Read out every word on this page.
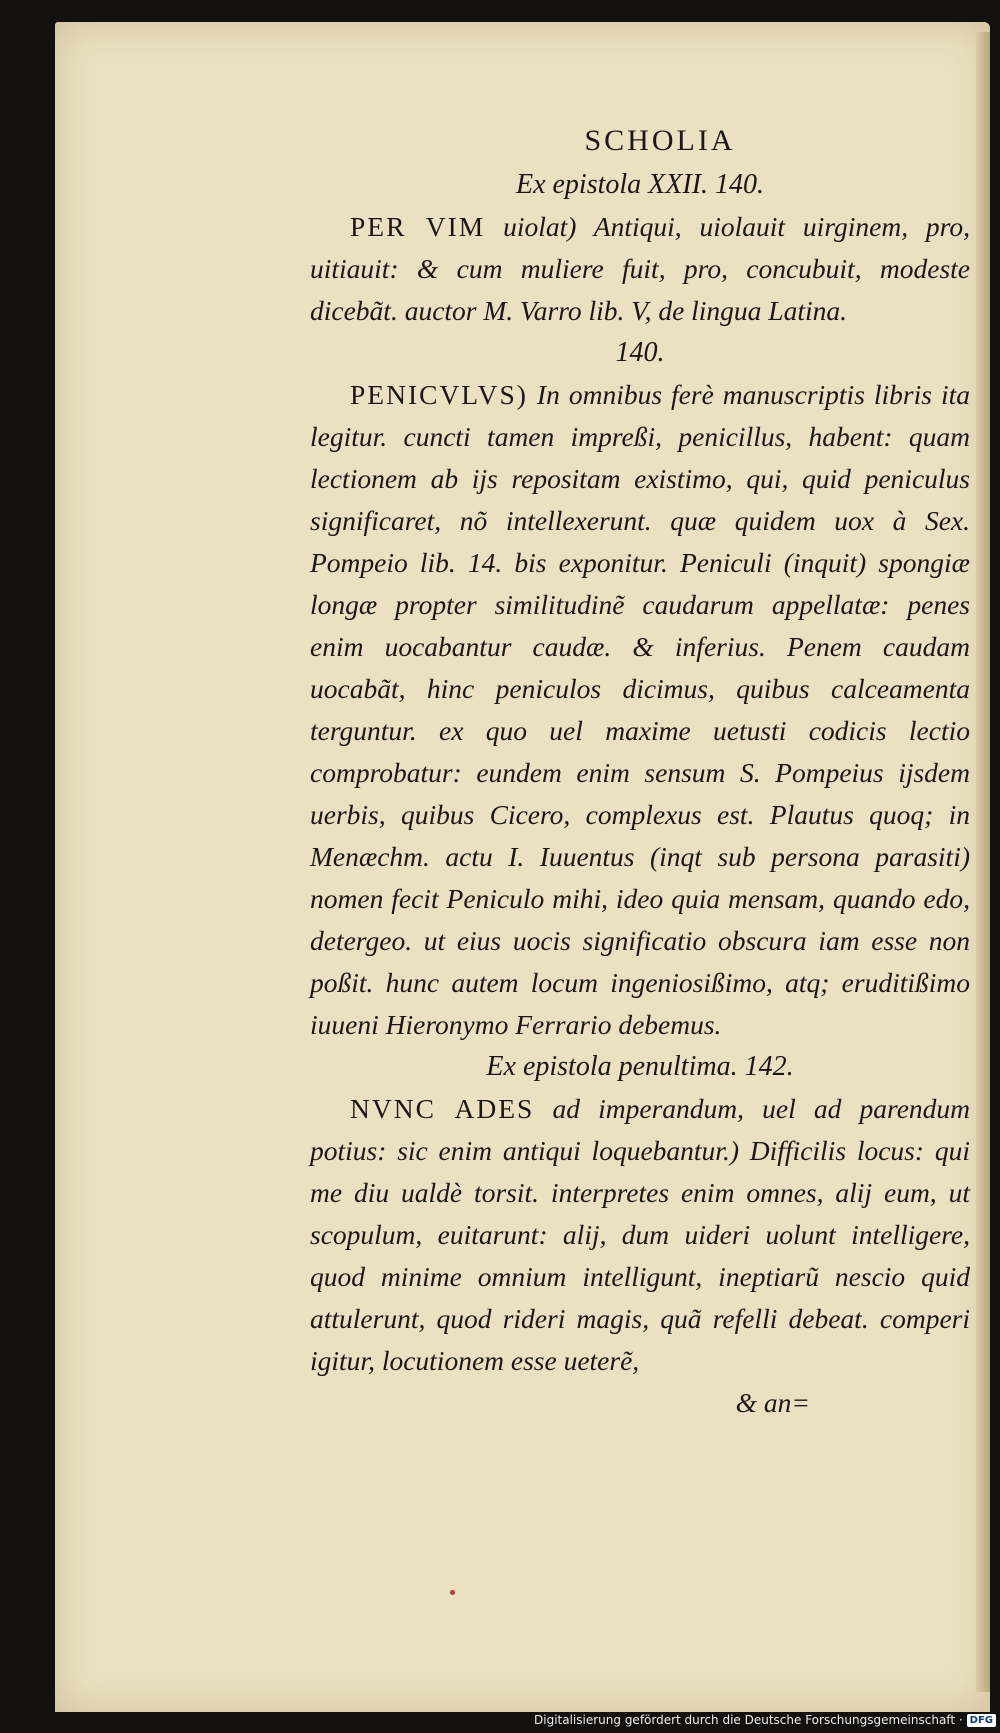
SCHOLIA

Ex epistola XXII. 140.

PER VIM uiolat) Antiqui, uiolauit uirginem, pro, uitiauit: & cum muliere fuit, pro, concubuit, modeste dicebãt. auctor M. Varro lib. V, de lingua Latina.

140.

PENICVLVS) In omnibus ferè manuscriptis libris ita legitur. cuncti tamen impreßi, penicillus, habent: quam lectionem ab ijs repositam existimo, qui, quid peniculus significaret, nõ intellexerunt. quæ quidem uox à Sex. Pompeio lib. 14. bis exponitur. Peniculi (inquit) spongiæ longæ propter similitudinẽ caudarum appellatæ: penes enim uocabantur caudæ. & inferius. Penem caudam uocabãt, hinc peniculos dicimus, quibus calceamenta terguntur. ex quo uel maxime uetusti codicis lectio comprobatur: eundem enim sensum S. Pompeius ijsdem uerbis, quibus Cicero, complexus est. Plautus quoq; in Menæchm. actu I. Iuuentus (inqt sub persona parasiti) nomen fecit Peniculo mihi, ideo quia mensam, quando edo, detergeo. ut eius uocis significatio obscura iam esse non poßit. hunc autem locum ingeniosißimo, atq; eruditißimo iuueni Hieronymo Ferrario debemus.

Ex epistola penultima. 142.

NVNC ADES ad imperandum, uel ad parendum potius: sic enim antiqui loquebantur.) Difficilis locus: qui me diu ualdè torsit. interpretes enim omnes, alij eum, ut scopulum, euitarunt: alij, dum uideri uolunt intelligere, quod minime omnium intelligunt, ineptiarũ nescio quid attulerunt, quod rideri magis, quã refelli debeat. comperi igitur, locutionem esse ueterẽ,

& an=

Digitalisierung gefördert durch die Deutsche Forschungsgemeinschaft · DFG
